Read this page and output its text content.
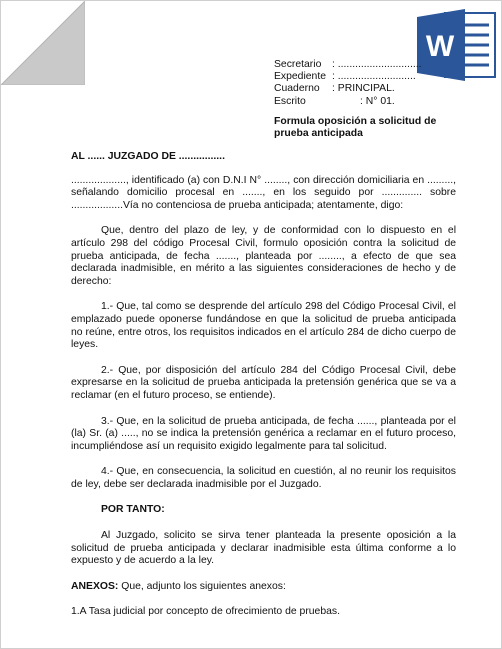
W
Secretario : .............................
Expediente : ...........................
Cuaderno : PRINCIPAL.
Escrito	: N° 01.
Formula oposición a solicitud de prueba anticipada

AL ...... JUZGADO DE ................

..................., identificado (a) con D.N.I N° ........, con dirección domiciliaria en ........., señalando domicilio procesal en ......., en los seguido por .............. sobre ..................Vía no contenciosa de prueba anticipada; atentamente, digo:

Que, dentro del plazo de ley, y de conformidad con lo dispuesto en el artículo 298 del código Procesal Civil, formulo oposición contra la solicitud de prueba anticipada, de fecha ......., planteada por ........, a efecto de que sea declarada inadmisible, en mérito a las siguientes consideraciones de hecho y de derecho:

1.- Que, tal como se desprende del artículo 298 del Código Procesal Civil, el emplazado puede oponerse fundándose en que la solicitud de prueba anticipada no reúne, entre otros, los requisitos indicados en el artículo 284 de dicho cuerpo de leyes.

2.- Que, por disposición del artículo 284 del Código Procesal Civil, debe expresarse en la solicitud de prueba anticipada la pretensión genérica que se va a reclamar (en el futuro proceso, se entiende).

3.- Que, en la solicitud de prueba anticipada, de fecha ......, planteada por el (la) Sr. (a) ....., no se indica la pretensión genérica a reclamar en el futuro proceso, incumpliéndose así un requisito exigido legalmente para tal solicitud.

4.- Que, en consecuencia, la solicitud en cuestión, al no reunir los requisitos de ley, debe ser declarada inadmisible por el Juzgado.

POR TANTO:

Al Juzgado, solicito se sirva tener planteada la presente oposición a la solicitud de prueba anticipada y declarar inadmisible esta última conforme a lo expuesto y de acuerdo a la ley.

ANEXOS: Que, adjunto los siguientes anexos:

1.A Tasa judicial por concepto de ofrecimiento de pruebas.
